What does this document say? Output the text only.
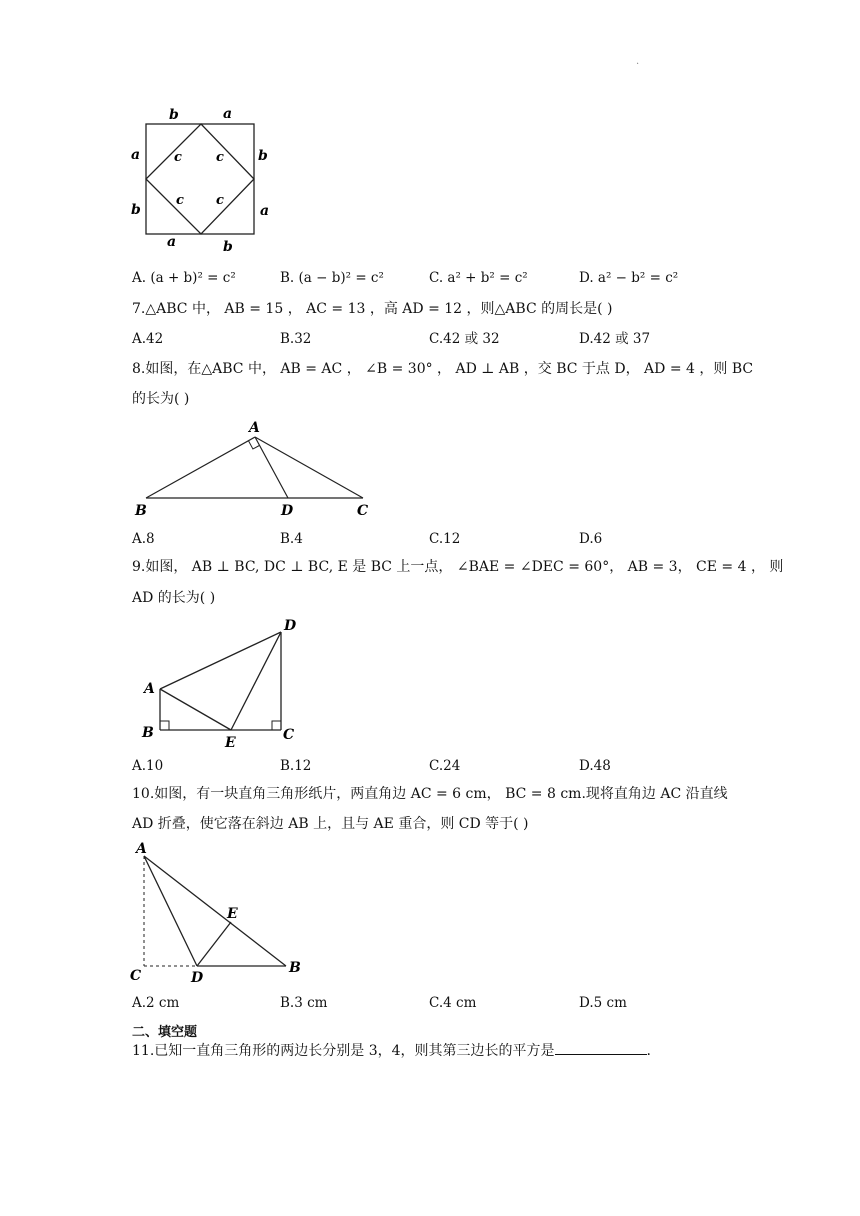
.
b	a
a
b
b
a
a	b
c	c
c c
A. (a + b)² = c²	B. (a − b)² = c²	C. a² + b² = c²	D. a² − b² = c²
7.△ABC 中， AB = 15 ， AC = 13 ，高 AD = 12 ，则△ABC 的周长是( )
A.42	B.32	C.42 或 32	D.42 或 37
8.如图，在△ABC 中， AB = AC ， ∠B = 30° ， AD ⊥ AB ，交 BC 于点 D， AD = 4 ，则 BC
的长为( )
A
B	D	C
A.8	B.4	C.12	D.6
9.如图， AB ⊥ BC, DC ⊥ BC, E 是 BC 上一点， ∠BAE = ∠DEC = 60°， AB = 3， CE = 4 ， 则
AD 的长为( )
A
B
E	C
D
A.10	B.12	C.24	D.48
10.如图，有一块直角三角形纸片，两直角边 AC = 6 cm， BC = 8 cm.现将直角边 AC 沿直线
AD 折叠，使它落在斜边 AB 上，且与 AE 重合，则 CD 等于( )
A
C	D
E
B
A.2 cm	B.3 cm	C.4 cm	D.5 cm
二、填空题
11.已知一直角三角形的两边长分别是 3，4，则其第三边长的平方是	.
